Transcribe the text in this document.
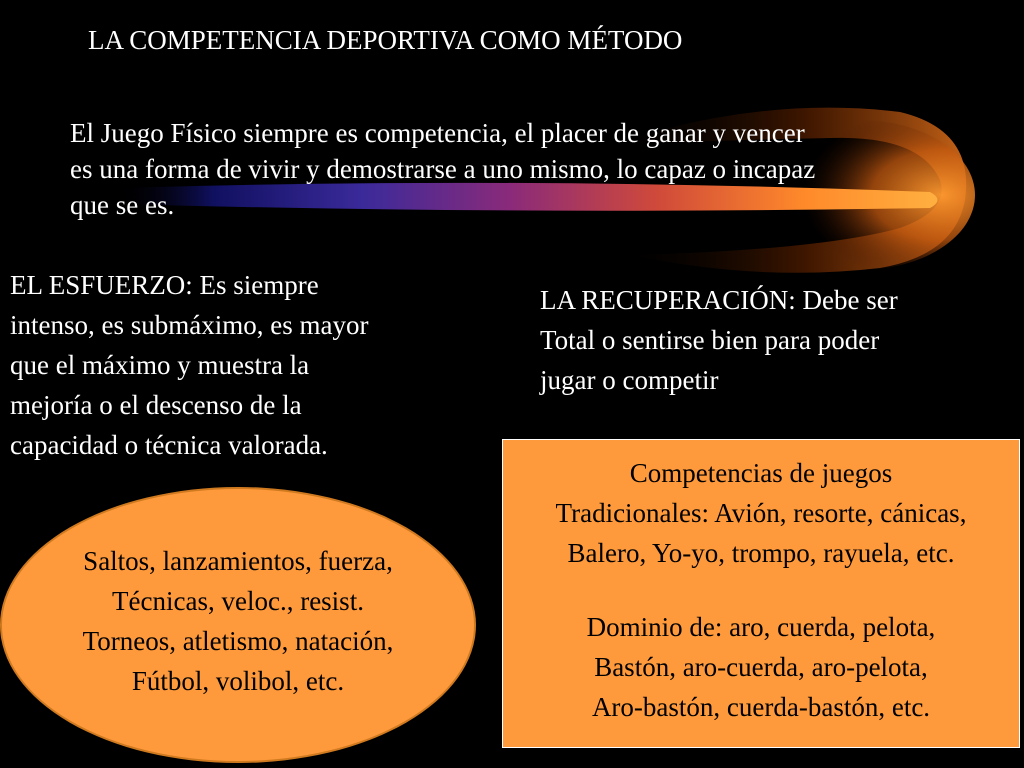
LA COMPETENCIA DEPORTIVA COMO MÉTODO
El Juego Físico siempre es competencia, el placer de ganar y vencer
es una forma de vivir y demostrarse a uno mismo, lo capaz o incapaz
que se es.
EL ESFUERZO: Es siempre
intenso, es submáximo, es mayor
que el máximo y muestra la
mejoría o el descenso de la
capacidad o técnica valorada.
LA RECUPERACIÓN: Debe ser
Total o sentirse bien para poder
jugar o competir
Saltos, lanzamientos, fuerza,
Técnicas, veloc., resist.
Torneos, atletismo, natación,
Fútbol, volibol, etc.
Competencias de juegos
Tradicionales: Avión, resorte, cánicas,
Balero, Yo-yo, trompo, rayuela, etc.
Dominio de: aro, cuerda, pelota,
Bastón, aro-cuerda, aro-pelota,
Aro-bastón, cuerda-bastón, etc.
